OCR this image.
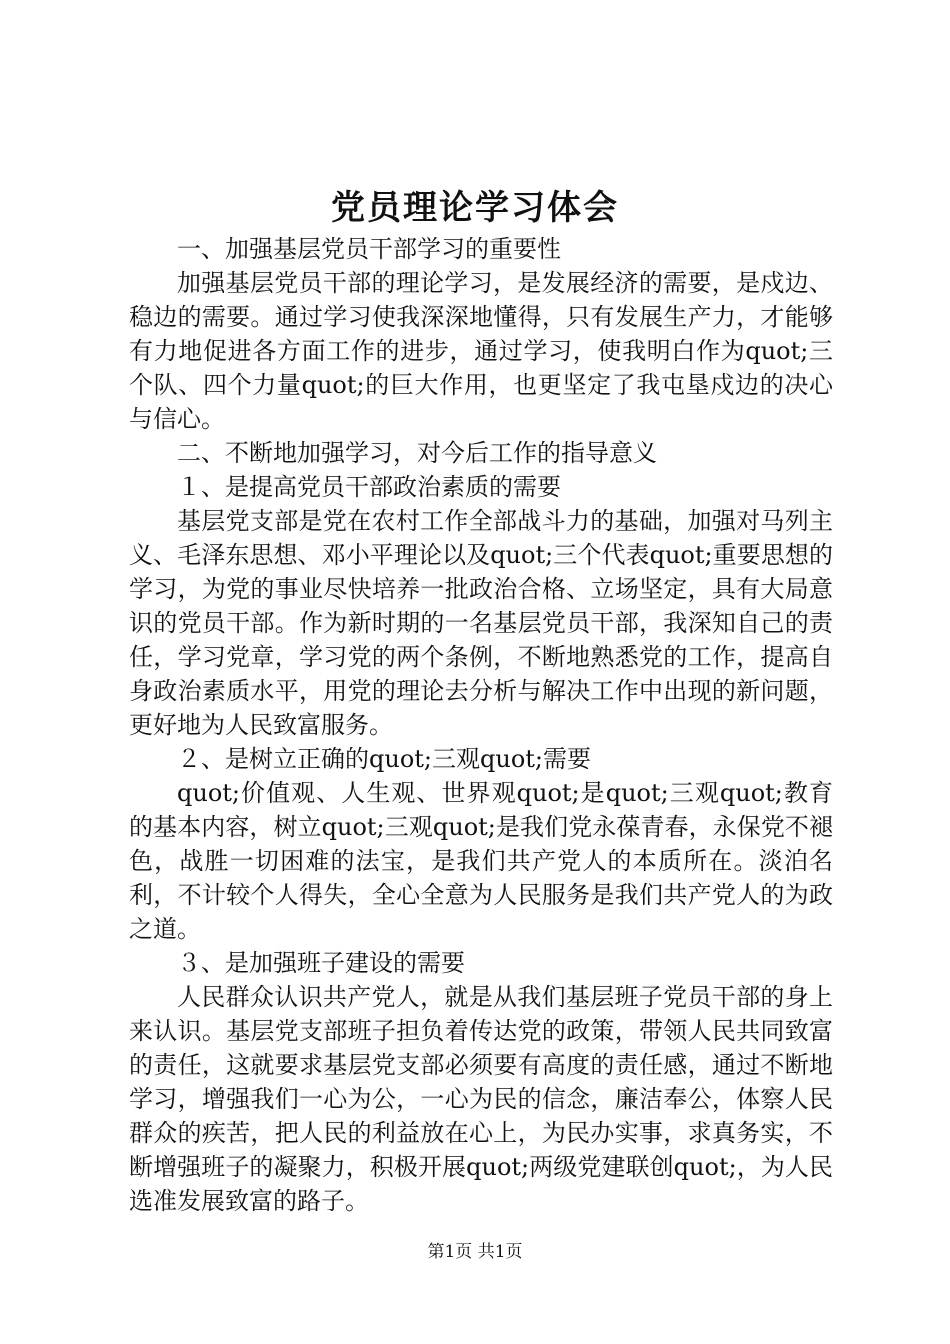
党员理论学习体会

一、加强基层党员干部学习的重要性

加强基层党员干部的理论学习，是发展经济的需要，是戍边、稳边的需要。通过学习使我深深地懂得，只有发展生产力，才能够有力地促进各方面工作的进步，通过学习，使我明白作为quot;三个队、四个力量quot;的巨大作用，也更坚定了我屯垦戍边的决心与信心。

二、不断地加强学习，对今后工作的指导意义

１、是提高党员干部政治素质的需要

基层党支部是党在农村工作全部战斗力的基础，加强对马列主义、毛泽东思想、邓小平理论以及quot;三个代表quot;重要思想的学习，为党的事业尽快培养一批政治合格、立场坚定，具有大局意识的党员干部。作为新时期的一名基层党员干部，我深知自己的责任，学习党章，学习党的两个条例，不断地熟悉党的工作，提高自身政治素质水平，用党的理论去分析与解决工作中出现的新问题，更好地为人民致富服务。

２、是树立正确的quot;三观quot;需要

quot;价值观、人生观、世界观quot;是quot;三观quot;教育的基本内容，树立quot;三观quot;是我们党永葆青春，永保党不褪色，战胜一切困难的法宝，是我们共产党人的本质所在。淡泊名利，不计较个人得失，全心全意为人民服务是我们共产党人的为政之道。

３、是加强班子建设的需要

人民群众认识共产党人，就是从我们基层班子党员干部的身上来认识。基层党支部班子担负着传达党的政策，带领人民共同致富的责任，这就要求基层党支部必须要有高度的责任感，通过不断地学习，增强我们一心为公，一心为民的信念，廉洁奉公，体察人民群众的疾苦，把人民的利益放在心上，为民办实事，求真务实，不断增强班子的凝聚力，积极开展quot;两级党建联创quot;，为人民选准发展致富的路子。

第1页 共1页
